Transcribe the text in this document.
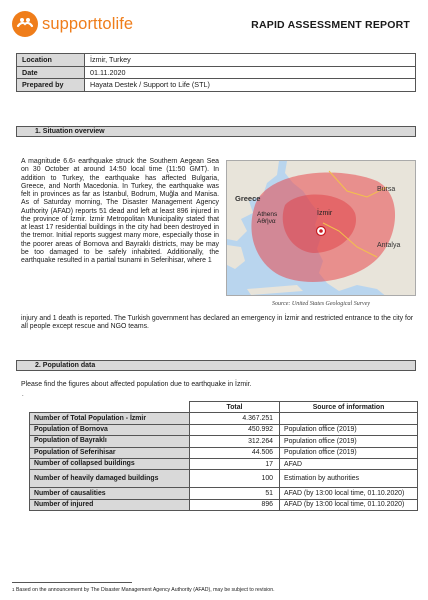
supporttolife	RAPID ASSESSMENT REPORT
Location	İzmir, Turkey
Date	01.11.2020
Prepared by	Hayata Destek / Support to Life (STL)
1. Situation overview
A magnitude $6.6^1$ earthquake struck the Southern Aegean Sea on 30 October at around 14:50 local time (11:50 GMT). In addition to Turkey, the earthquake has affected Bulgaria, Greece, and North Macedonia. In Turkey, the earthquake was felt in provinces as far as İstanbul, Bodrum, Muğla and Manisa. As of Saturday morning, The Disaster Management Agency Authority (AFAD) reports 51 dead and left at least 896 injured in the province of İzmir. İzmir Metropolitan Municipality stated that at least 17 residential buildings in the city had been destroyed in the tremor. Initial reports suggest many more, especially those in the poorer areas of Bornova and Bayraklı districts, may be may be too damaged to be safely inhabited. Additionally, the earthquake resulted in a partial tsunami in Seferihisar, where 1
Bursa
Greece
Athens
Αθήνα
İzmir
Antalya
Source: United States Geological Survey
injury and 1 death is reported. The Turkish government has declared an emergency in İzmir and restricted entrance to the city for all people except rescue and NGO teams.
2. Population data
Please find the figures about affected population due to earthquake in İzmir.
.
	Total	Source of information
Number of Total Population - İzmir	4.367.251	
Population of Bornova	450.992	Population office (2019)
Population of Bayraklı	312.264	Population office (2019)
Population of Seferihisar	44.506	Population office (2019)
Number of collapsed buildings	17	AFAD
Number of heavily damaged buildings	100	Estimation by authorities
Number of causalities	51	AFAD (by 13:00 local time, 01.10.2020)
Number of injured	896	AFAD (by 13:00 local time, 01.10.2020)
$^1$ Based on the announcement by The Disaster Management Agency Authority (AFAD), may be subject to revision.
